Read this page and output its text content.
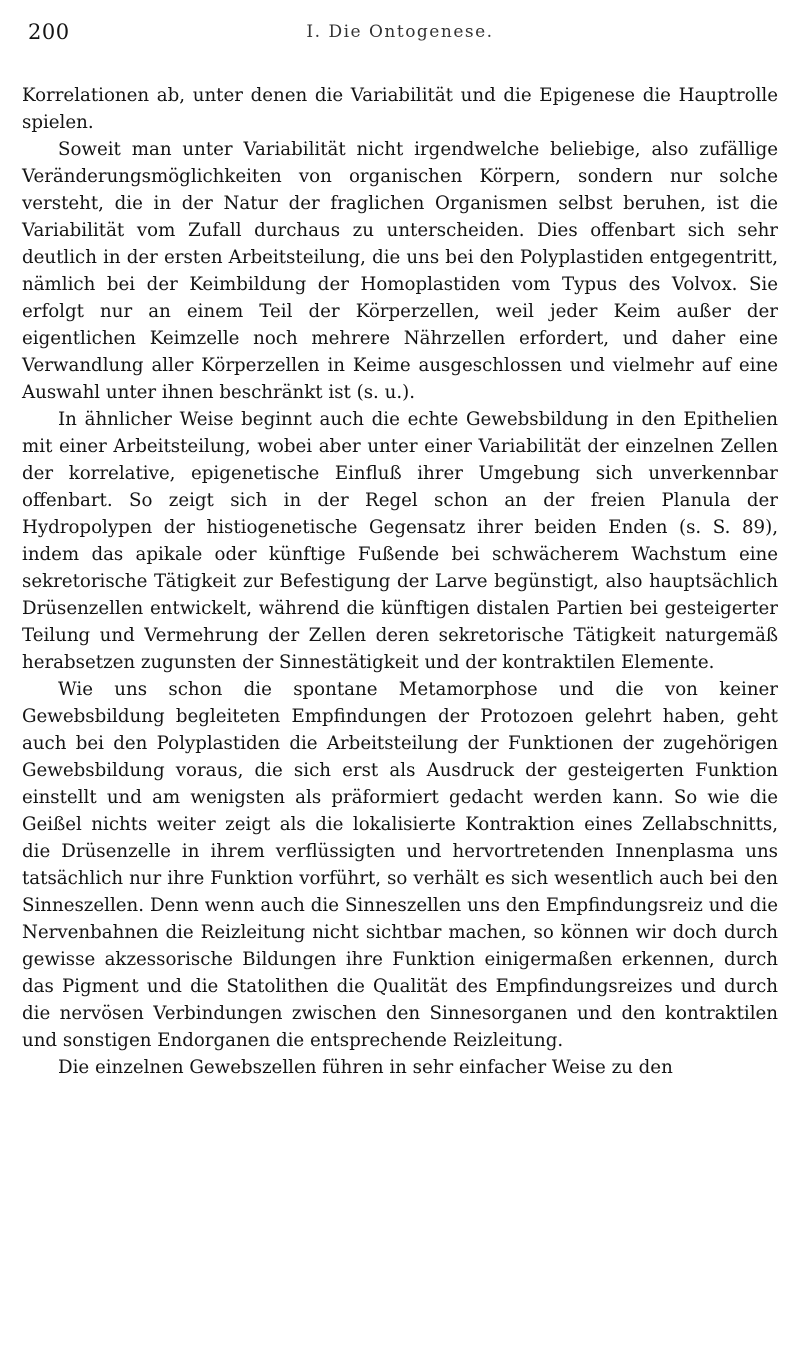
200	I. Die Ontogenese.

Korrelationen ab, unter denen die Variabilität und die Epigenese die Hauptrolle spielen.

Soweit man unter Variabilität nicht irgendwelche beliebige, also zufällige Veränderungsmöglichkeiten von organischen Körpern, sondern nur solche versteht, die in der Natur der fraglichen Organismen selbst beruhen, ist die Variabilität vom Zufall durchaus zu unterscheiden. Dies offenbart sich sehr deutlich in der ersten Arbeitsteilung, die uns bei den Polyplastiden entgegentritt, nämlich bei der Keimbildung der Homoplastiden vom Typus des Volvox. Sie erfolgt nur an einem Teil der Körperzellen, weil jeder Keim außer der eigentlichen Keimzelle noch mehrere Nährzellen erfordert, und daher eine Verwandlung aller Körperzellen in Keime ausgeschlossen und vielmehr auf eine Auswahl unter ihnen beschränkt ist (s. u.).

In ähnlicher Weise beginnt auch die echte Gewebsbildung in den Epithelien mit einer Arbeitsteilung, wobei aber unter einer Variabilität der einzelnen Zellen der korrelative, epigenetische Einfluß ihrer Umgebung sich unverkennbar offenbart. So zeigt sich in der Regel schon an der freien Planula der Hydropolypen der histiogenetische Gegensatz ihrer beiden Enden (s. S. 89), indem das apikale oder künftige Fußende bei schwächerem Wachstum eine sekretorische Tätigkeit zur Befestigung der Larve begünstigt, also hauptsächlich Drüsenzellen entwickelt, während die künftigen distalen Partien bei gesteigerter Teilung und Vermehrung der Zellen deren sekretorische Tätigkeit naturgemäß herabsetzen zugunsten der Sinnestätigkeit und der kontraktilen Elemente.

Wie uns schon die spontane Metamorphose und die von keiner Gewebsbildung begleiteten Empfindungen der Protozoen gelehrt haben, geht auch bei den Polyplastiden die Arbeitsteilung der Funktionen der zugehörigen Gewebsbildung voraus, die sich erst als Ausdruck der gesteigerten Funktion einstellt und am wenigsten als präformiert gedacht werden kann. So wie die Geißel nichts weiter zeigt als die lokalisierte Kontraktion eines Zellabschnitts, die Drüsenzelle in ihrem verflüssigten und hervortretenden Innenplasma uns tatsächlich nur ihre Funktion vorführt, so verhält es sich wesentlich auch bei den Sinneszellen. Denn wenn auch die Sinneszellen uns den Empfindungsreiz und die Nervenbahnen die Reizleitung nicht sichtbar machen, so können wir doch durch gewisse akzessorische Bildungen ihre Funktion einigermaßen erkennen, durch das Pigment und die Statolithen die Qualität des Empfindungsreizes und durch die nervösen Verbindungen zwischen den Sinnesorganen und den kontraktilen und sonstigen Endorganen die entsprechende Reizleitung.

Die einzelnen Gewebszellen führen in sehr einfacher Weise zu den
